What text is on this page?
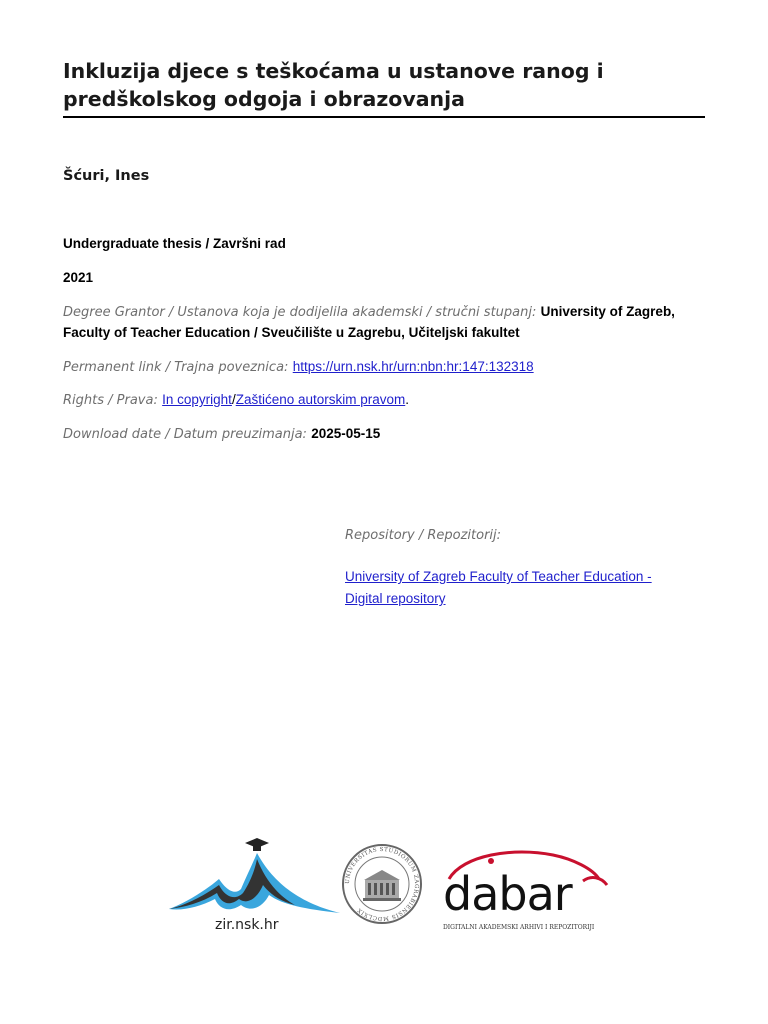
Inkluzija djece s teškoćama u ustanove ranog i predškolskog odgoja i obrazovanja
Šćuri, Ines
Undergraduate thesis / Završni rad
2021
Degree Grantor / Ustanova koja je dodijelila akademski / stručni stupanj: University of Zagreb, Faculty of Teacher Education / Sveučilište u Zagrebu, Učiteljski fakultet
Permanent link / Trajna poveznica: https://urn.nsk.hr/urn:nbn:hr:147:132318
Rights / Prava: In copyright/Zaštićeno autorskim pravom.
Download date / Datum preuzimanja: 2025-05-15
Repository / Repozitorij:
University of Zagreb Faculty of Teacher Education - Digital repository
zir.nsk.hr
UNIVERSITAS STUDIORUM ZAGRABIENSIS MDCLXIX	dabar
DIGITALNI AKADEMSKI ARHIVI I REPOZITORIJI
